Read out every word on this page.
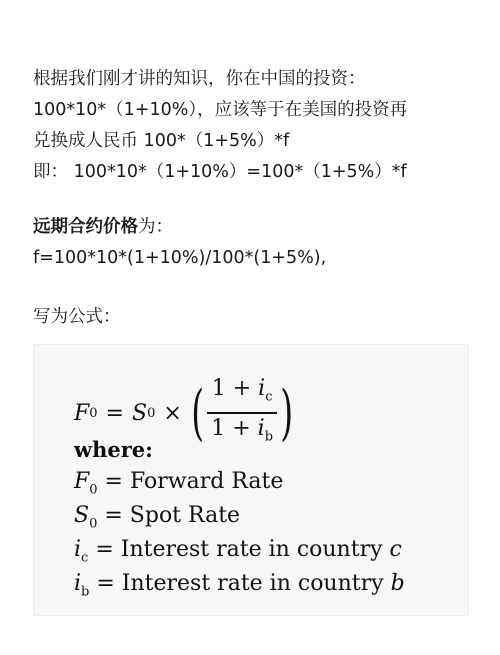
根据我们刚才讲的知识，你在中国的投资：
100*10*（1+10%），应该等于在美国的投资再
兑换成人民币 100*（1+5%）*f
即： 100*10*（1+10%）=100*（1+5%）*f
远期合约价格为：
f=100*10*(1+10%)/100*(1+5%),
写为公式：
F 0 = S 0 × ( $\frac{1 + i_c}{1 + i_b}$ )
where:
$F_0$ = Forward Rate
$S_0$ = Spot Rate
$i_c$ = Interest rate in country c
$i_b$ = Interest rate in country b
